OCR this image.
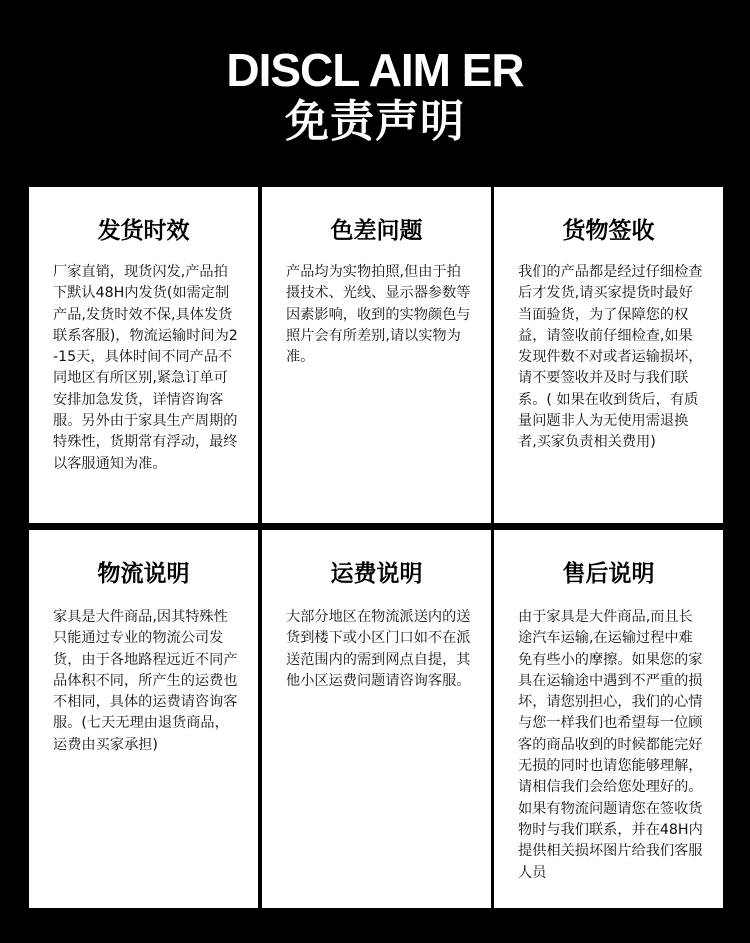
DISCL AIM ER
免责声明
发货时效
厂家直销，现货闪发,产品拍下默认48H内发货(如需定制产品,发货时效不保,具体发货联系客服)，物流运输时间为2-15天，具体时间不同产品不同地区有所区别,紧急订单可安排加急发货，详情咨询客服。另外由于家具生产周期的特殊性，货期常有浮动，最终以客服通知为准。
色差问题
产品均为实物拍照,但由于拍摄技术、光线、显示器参数等因素影响，收到的实物颜色与照片会有所差别,请以实物为准。
货物签收
我们的产品都是经过仔细检查后才发货,请买家提货时最好当面验货，为了保障您的权益，请签收前仔细检查,如果发现件数不对或者运输损坏，请不要签收并及时与我们联系。( 如果在收到货后，有质量问题非人为无使用需退换者,买家负责相关费用)
物流说明
家具是大件商品,因其特殊性只能通过专业的物流公司发货，由于各地路程远近不同产品体积不同，所产生的运费也不相同，具体的运费请咨询客服。(七天无理由退货商品，运费由买家承担)
运费说明
大部分地区在物流派送内的送货到楼下或小区门口如不在派送范围内的需到网点自提，其他小区运费问题请咨询客服。
售后说明
由于家具是大件商品,而且长途汽车运输,在运输过程中难免有些小的摩擦。如果您的家具在运输途中遇到不严重的损坏，请您别担心，我们的心情与您一样我们也希望每一位顾客的商品收到的时候都能完好无损的同时也请您能够理解，请相信我们会给您处理好的。如果有物流问题请您在签收货物时与我们联系，并在48H内提供相关损坏图片给我们客服人员
